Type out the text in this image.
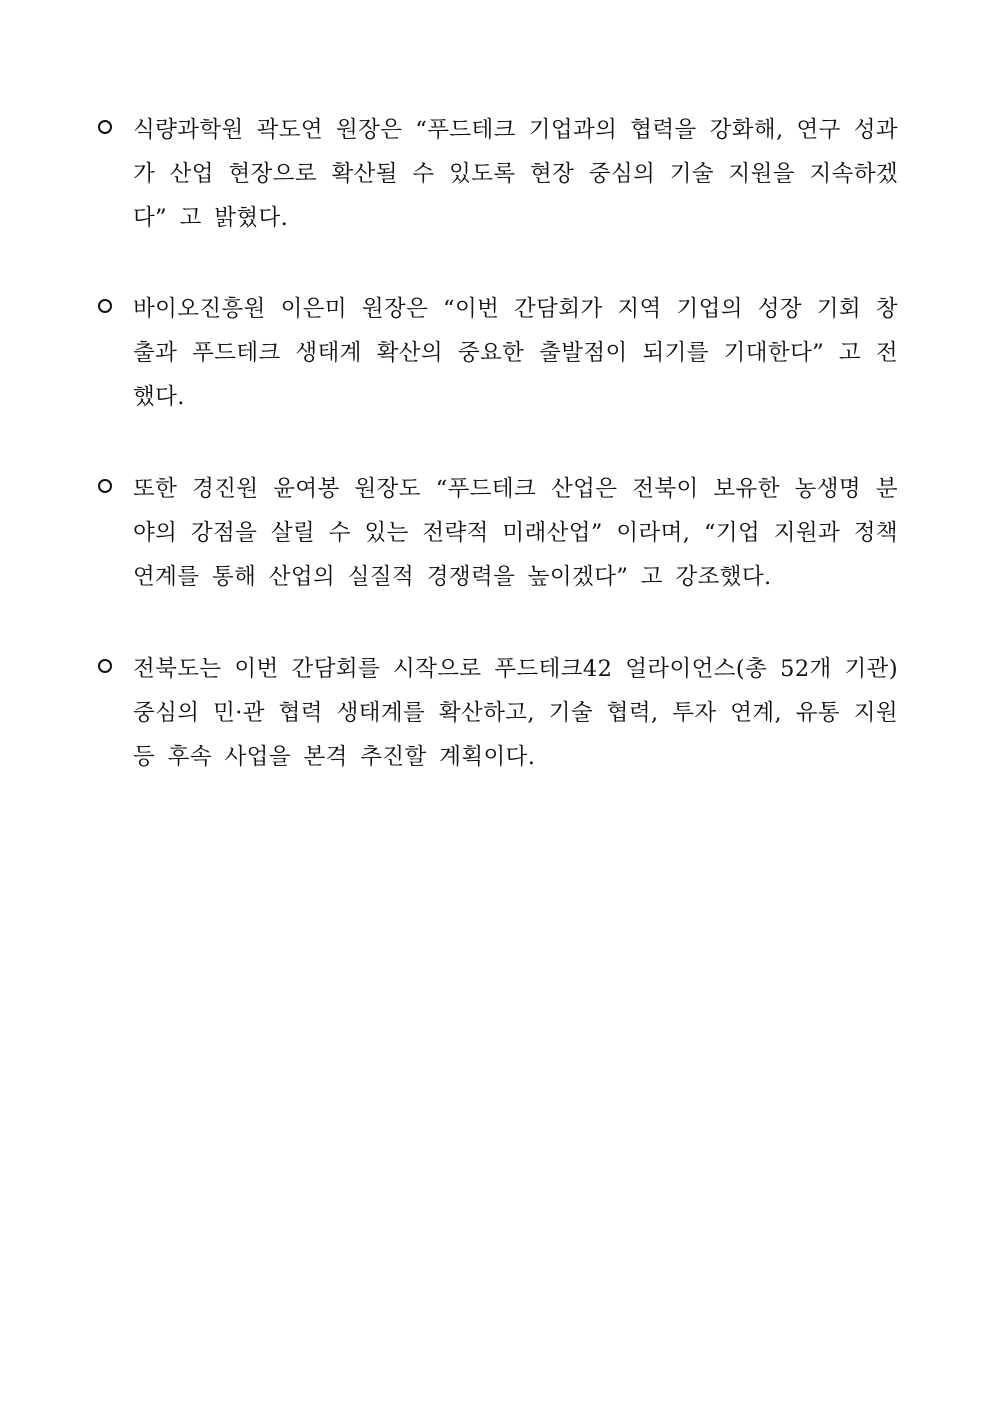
식량과학원 곽도연 원장은 “푸드테크 기업과의 협력을 강화해, 연구 성과가 산업 현장으로 확산될 수 있도록 현장 중심의 기술 지원을 지속하겠다” 고 밝혔다.
바이오진흥원 이은미 원장은 “이번 간담회가 지역 기업의 성장 기회 창출과 푸드테크 생태계 확산의 중요한 출발점이 되기를 기대한다” 고 전했다.
또한 경진원 윤여봉 원장도 “푸드테크 산업은 전북이 보유한 농생명 분야의 강점을 살릴 수 있는 전략적 미래산업” 이라며, “기업 지원과 정책 연계를 통해 산업의 실질적 경쟁력을 높이겠다” 고 강조했다.
전북도는 이번 간담회를 시작으로 푸드테크42 얼라이언스(총 52개 기관) 중심의 민·관 협력 생태계를 확산하고, 기술 협력, 투자 연계, 유통 지원 등 후속 사업을 본격 추진할 계획이다.
